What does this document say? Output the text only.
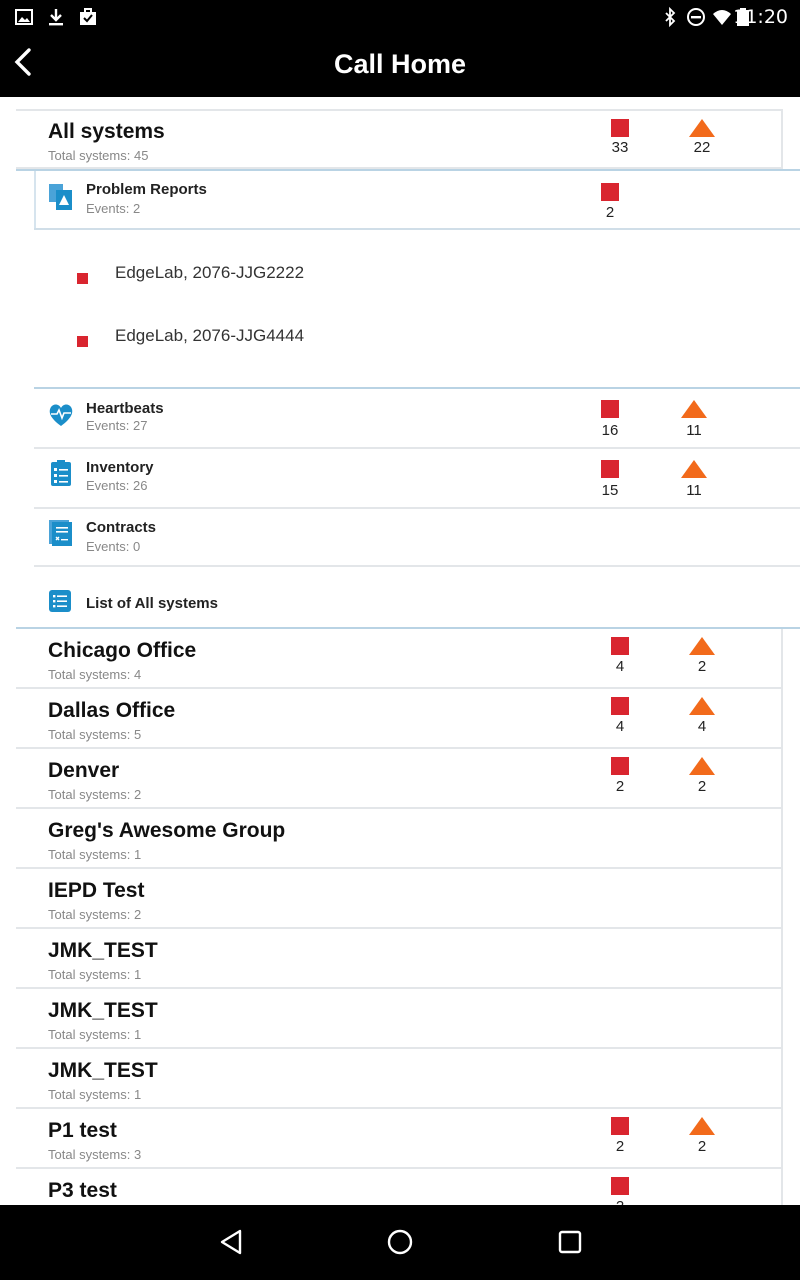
11:20
Call Home
All systems
Total systems: 45	33	22
Problem Reports
Events: 2	2
EdgeLab, 2076-JJG2222
EdgeLab, 2076-JJG4444
Heartbeats
Events: 27	16	11
Inventory
Events: 26	15	11
Contracts
Events: 0
List of All systems
Chicago Office
Total systems: 4	4	2
Dallas Office
Total systems: 5	4	4
Denver
Total systems: 2	2	2
Greg's Awesome Group
Total systems: 1
IEPD Test
Total systems: 2
JMK_TEST
Total systems: 1
JMK_TEST
Total systems: 1
JMK_TEST
Total systems: 1
P1 test
Total systems: 3	2	2
P3 test
